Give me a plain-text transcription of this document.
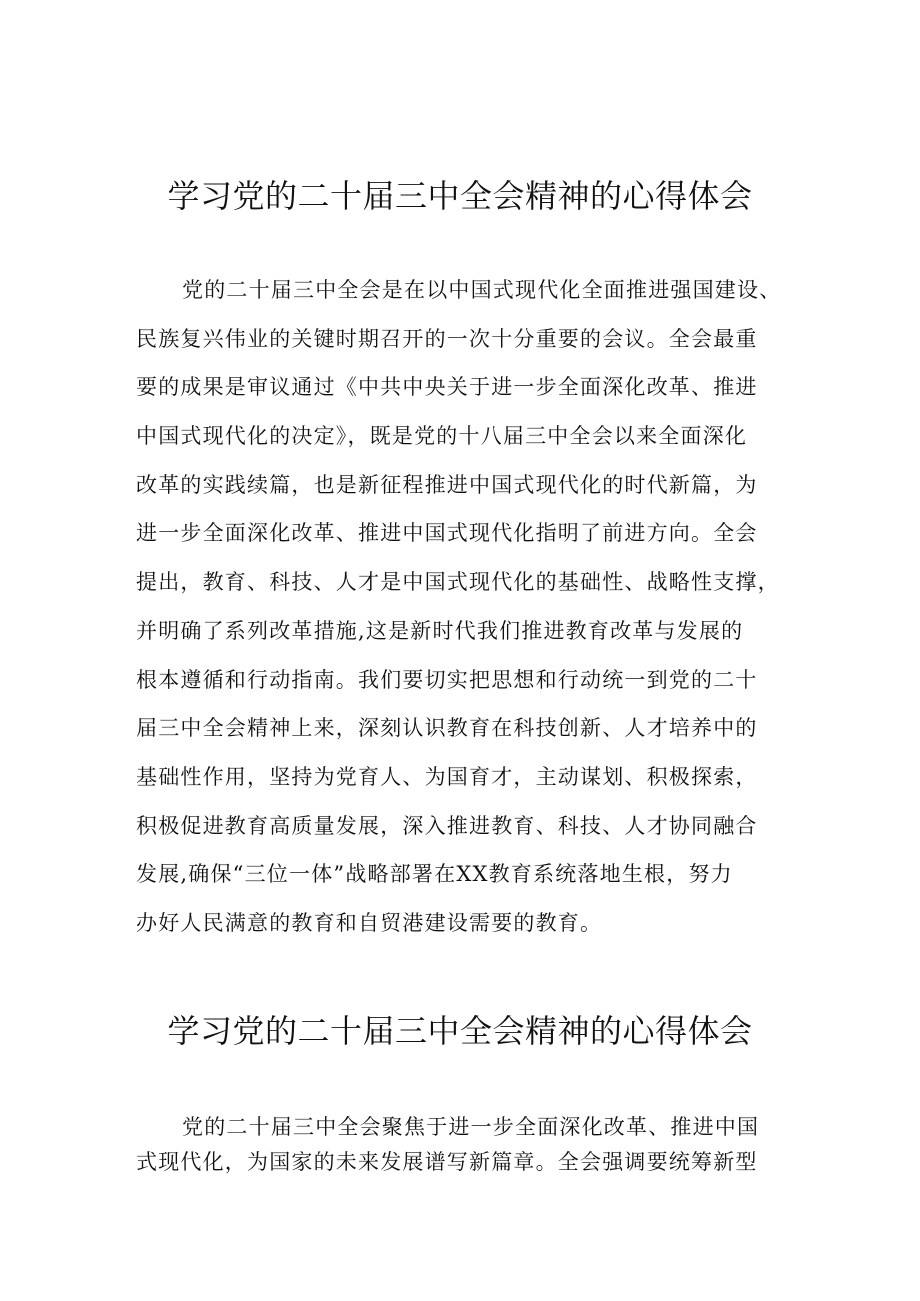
学习党的二十届三中全会精神的心得体会
党的二十届三中全会是在以中国式现代化全面推进强国建设、
民族复兴伟业的关键时期召开的一次十分重要的会议。全会最重
要的成果是审议通过《中共中央关于进一步全面深化改革、推进
中国式现代化的决定》，既是党的十八届三中全会以来全面深化
改革的实践续篇，也是新征程推进中国式现代化的时代新篇，为
进一步全面深化改革、推进中国式现代化指明了前进方向。全会
提出，教育、科技、人才是中国式现代化的基础性、战略性支撑，
并明确了系列改革措施,这是新时代我们推进教育改革与发展的
根本遵循和行动指南。我们要切实把思想和行动统一到党的二十
届三中全会精神上来，深刻认识教育在科技创新、人才培养中的
基础性作用，坚持为党育人、为国育才，主动谋划、积极探索，
积极促进教育高质量发展，深入推进教育、科技、人才协同融合
发展,确保“三位一体”战略部署在XX教育系统落地生根，努力
办好人民满意的教育和自贸港建设需要的教育。
学习党的二十届三中全会精神的心得体会
党的二十届三中全会聚焦于进一步全面深化改革、推进中国
式现代化，为国家的未来发展谱写新篇章。全会强调要统筹新型
